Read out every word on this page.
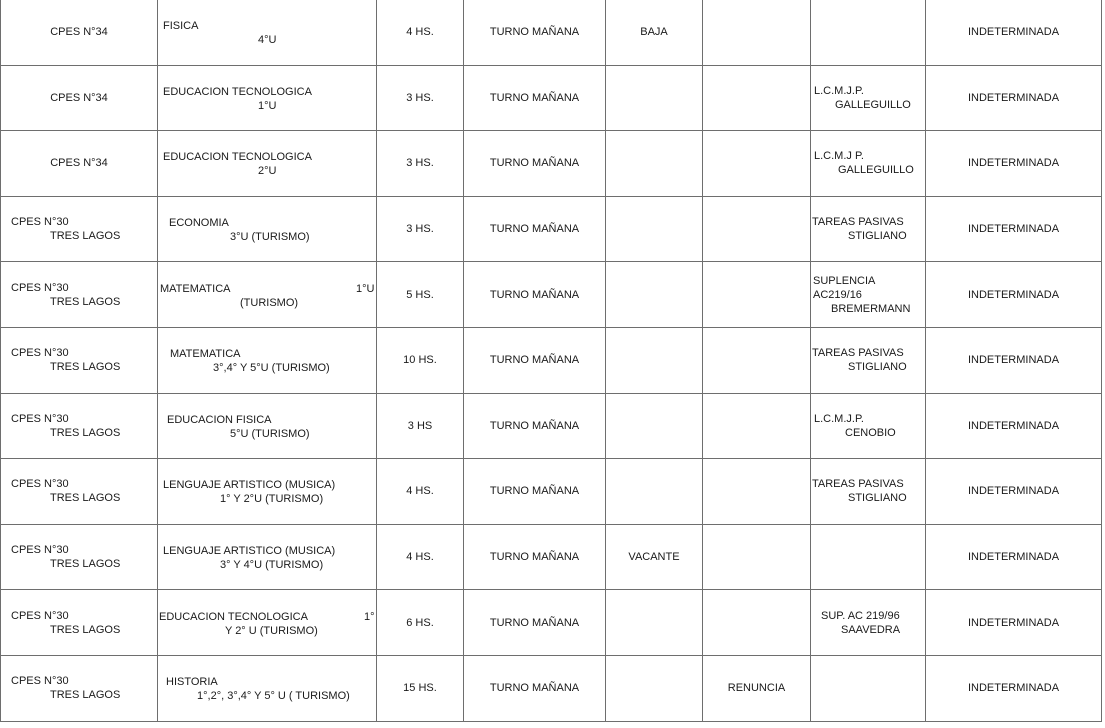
CPES N°34	FISICA
4°U	4 HS.	TURNO MAÑANA	BAJA			INDETERMINADA

CPES N°34	EDUCACION TECNOLOGICA
1°U	3 HS.	TURNO MAÑANA			L.C.M.J.P.
GALLEGUILLO	INDETERMINADA

CPES N°34	EDUCACION TECNOLOGICA
2°U	3 HS.	TURNO MAÑANA			L.C.M.J P.
GALLEGUILLO	INDETERMINADA

CPES N°30
TRES LAGOS	ECONOMIA
3°U (TURISMO)	3 HS.	TURNO MAÑANA			TAREAS PASIVAS
STIGLIANO	INDETERMINADA

CPES N°30
TRES LAGOS	MATEMATICA
(TURISMO)
1°U	5 HS.	TURNO MAÑANA			SUPLENCIA AC219/16
BREMERMANN	INDETERMINADA

CPES N°30
TRES LAGOS	MATEMATICA
3°,4° Y 5°U (TURISMO)	10 HS.	TURNO MAÑANA			TAREAS PASIVAS
STIGLIANO	INDETERMINADA

CPES N°30
TRES LAGOS	EDUCACION FISICA
5°U (TURISMO)	3 HS	TURNO MAÑANA			L.C.M.J.P.
CENOBIO	INDETERMINADA

CPES N°30
TRES LAGOS	LENGUAJE ARTISTICO (MUSICA)
1° Y 2°U (TURISMO)	4 HS.	TURNO MAÑANA			TAREAS PASIVAS
STIGLIANO	INDETERMINADA

CPES N°30
TRES LAGOS	LENGUAJE ARTISTICO (MUSICA)
3° Y 4°U (TURISMO)	4 HS.	TURNO MAÑANA	VACANTE			INDETERMINADA

CPES N°30
TRES LAGOS	EDUCACION TECNOLOGICA
Y 2° U (TURISMO)
1°	6 HS.	TURNO MAÑANA			SUP. AC 219/96
SAAVEDRA	INDETERMINADA

CPES N°30
TRES LAGOS	HISTORIA
1°,2°, 3°,4° Y 5° U ( TURISMO)	15 HS.	TURNO MAÑANA		RENUNCIA		INDETERMINADA
